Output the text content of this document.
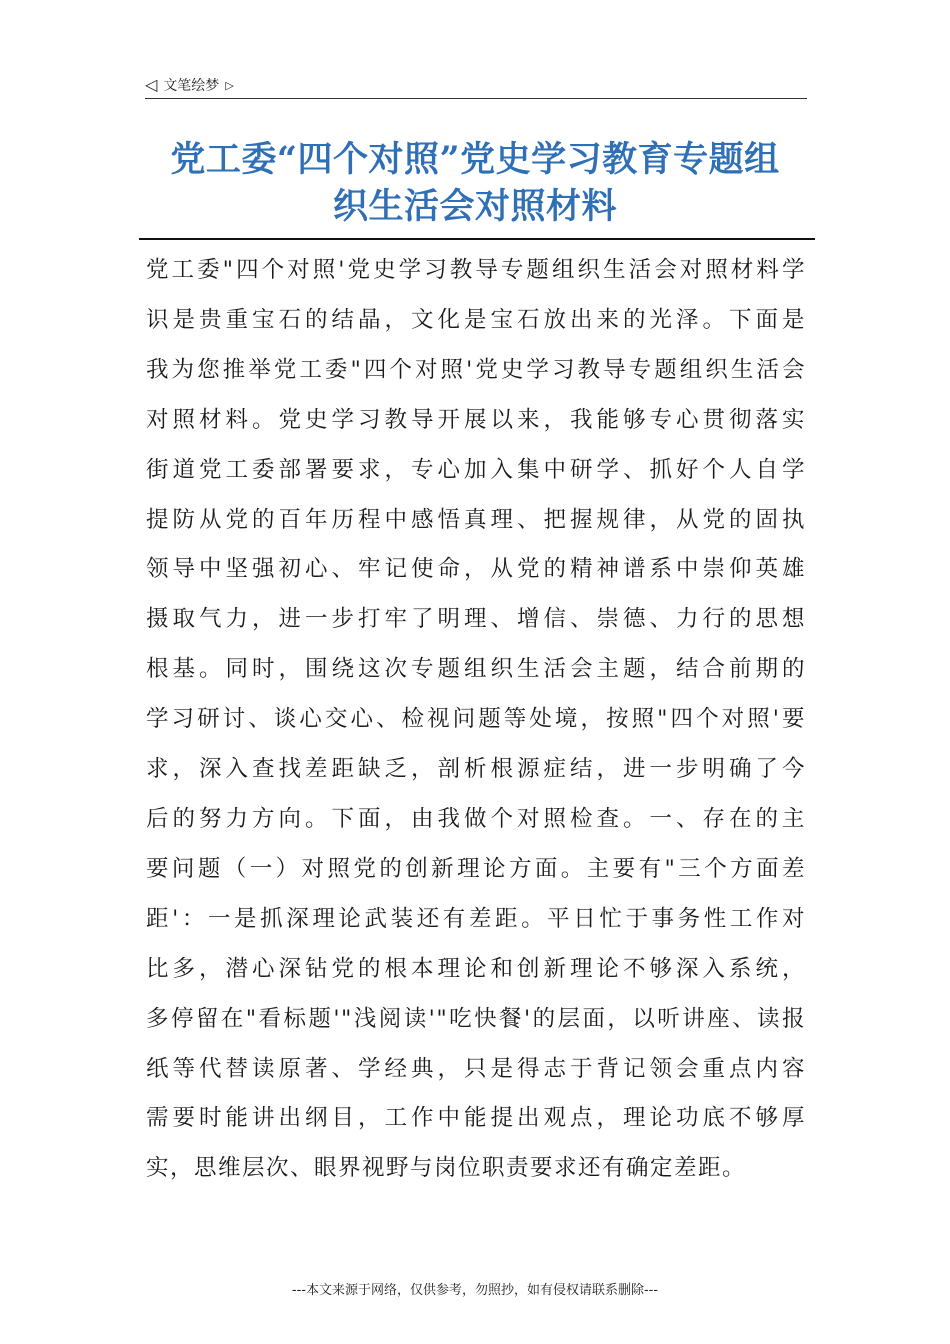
◁ 文笔绘梦 ▷
党工委“四个对照”党史学习教育专题组
织生活会对照材料
党工委"四个对照'党史学习教导专题组织生活会对照材料学
识是贵重宝石的结晶，文化是宝石放出来的光泽。下面是
我为您推举党工委"四个对照'党史学习教导专题组织生活会
对照材料。党史学习教导开展以来，我能够专心贯彻落实
街道党工委部署要求，专心加入集中研学、抓好个人自学
提防从党的百年历程中感悟真理、把握规律，从党的固执
领导中坚强初心、牢记使命，从党的精神谱系中崇仰英雄
摄取气力，进一步打牢了明理、增信、崇德、力行的思想
根基。同时，围绕这次专题组织生活会主题，结合前期的
学习研讨、谈心交心、检视问题等处境，按照"四个对照'要
求，深入查找差距缺乏，剖析根源症结，进一步明确了今
后的努力方向。下面，由我做个对照检查。一、存在的主
要问题（一）对照党的创新理论方面。主要有"三个方面差
距'：一是抓深理论武装还有差距。平日忙于事务性工作对
比多，潜心深钻党的根本理论和创新理论不够深入系统，
多停留在"看标题'"浅阅读'"吃快餐'的层面，以听讲座、读报
纸等代替读原著、学经典，只是得志于背记领会重点内容
需要时能讲出纲目，工作中能提出观点，理论功底不够厚
实，思维层次、眼界视野与岗位职责要求还有确定差距。
---本文来源于网络，仅供参考，勿照抄，如有侵权请联系删除---
